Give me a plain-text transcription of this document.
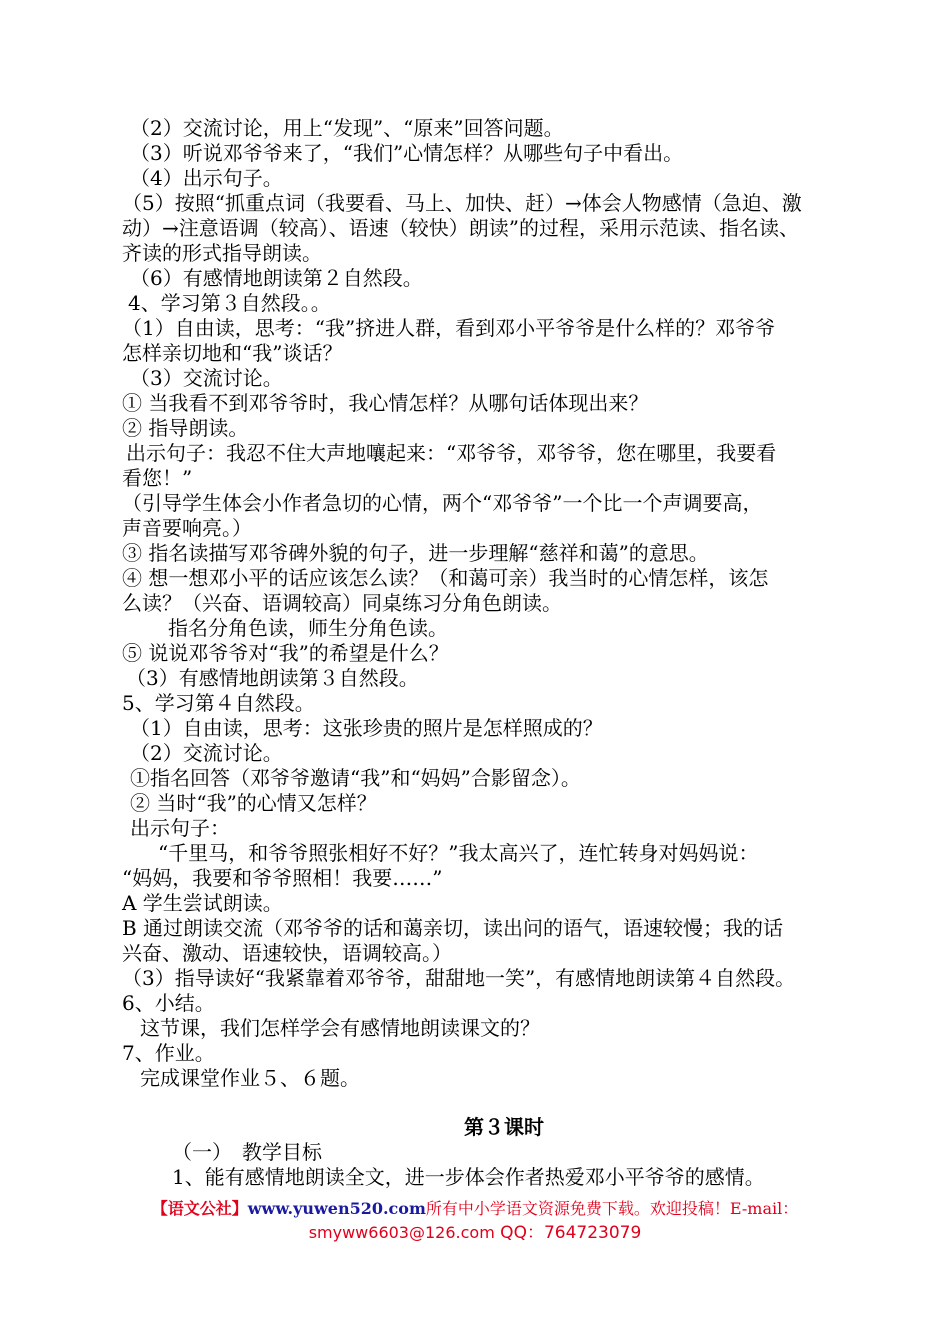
（2）交流讨论，用上“发现”、“原来”回答问题。
（3）听说邓爷爷来了，“我们”心情怎样？从哪些句子中看出。
（4）出示句子。
（5）按照“抓重点词（我要看、马上、加快、赶）→体会人物感情（急迫、激
动）→注意语调（较高）、语速（较快）朗读”的过程，采用示范读、指名读、
齐读的形式指导朗读。
（6）有感情地朗读第２自然段。
4、学习第３自然段。。
（1）自由读，思考：“我”挤进人群，看到邓小平爷爷是什么样的？邓爷爷
怎样亲切地和“我”谈话？
（3）交流讨论。
① 当我看不到邓爷爷时，我心情怎样？从哪句话体现出来？
② 指导朗读。
出示句子：我忍不住大声地嚷起来：“邓爷爷，邓爷爷，您在哪里，我要看
看您！”
（引导学生体会小作者急切的心情，两个“邓爷爷”一个比一个声调要高，
声音要响亮。）
③ 指名读描写邓爷碑外貌的句子，进一步理解“慈祥和蔼”的意思。
④ 想一想邓小平的话应该怎么读？（和蔼可亲）我当时的心情怎样，该怎
么读？（兴奋、语调较高）同桌练习分角色朗读。
指名分角色读，师生分角色读。
⑤ 说说邓爷爷对“我”的希望是什么？
（3）有感情地朗读第３自然段。
5、学习第４自然段。
（1）自由读，思考：这张珍贵的照片是怎样照成的？
（2）交流讨论。
①指名回答（邓爷爷邀请“我”和“妈妈”合影留念）。
② 当时“我”的心情又怎样？
出示句子：
“千里马，和爷爷照张相好不好？”我太高兴了，连忙转身对妈妈说：
“妈妈，我要和爷爷照相！我要……”
A 学生尝试朗读。
B 通过朗读交流（邓爷爷的话和蔼亲切，读出问的语气，语速较慢；我的话
兴奋、激动、语速较快，语调较高。）
（3）指导读好“我紧靠着邓爷爷，甜甜地一笑”，有感情地朗读第４自然段。
6、小结。
这节课，我们怎样学会有感情地朗读课文的？
7、作业。
完成课堂作业５、６题。
第３课时
（一）　教学目标
1、能有感情地朗读全文，进一步体会作者热爱邓小平爷爷的感情。
【语文公社】www.yuwen520.com所有中小学语文资源免费下载。欢迎投稿！E-mail：
smyww6603@126.com QQ：764723079
